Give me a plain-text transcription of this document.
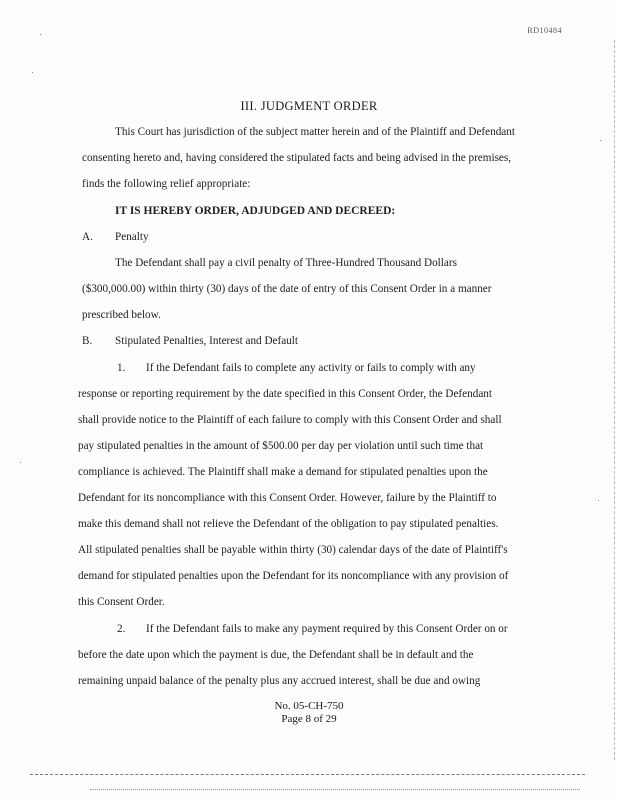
RD10484
III. JUDGMENT ORDER
This Court has jurisdiction of the subject matter herein and of the Plaintiff and Defendant
consenting hereto and, having considered the stipulated facts and being advised in the premises,
finds the following relief appropriate:
IT IS HEREBY ORDER, ADJUDGED AND DECREED:
A. Penalty
The Defendant shall pay a civil penalty of Three-Hundred Thousand Dollars
($300,000.00) within thirty (30) days of the date of entry of this Consent Order in a manner
prescribed below.
B. Stipulated Penalties, Interest and Default
1. If the Defendant fails to complete any activity or fails to comply with any
response or reporting requirement by the date specified in this Consent Order, the Defendant
shall provide notice to the Plaintiff of each failure to comply with this Consent Order and shall
pay stipulated penalties in the amount of $500.00 per day per violation until such time that
compliance is achieved. The Plaintiff shall make a demand for stipulated penalties upon the
Defendant for its noncompliance with this Consent Order. However, failure by the Plaintiff to
make this demand shall not relieve the Defendant of the obligation to pay stipulated penalties.
All stipulated penalties shall be payable within thirty (30) calendar days of the date of Plaintiff's
demand for stipulated penalties upon the Defendant for its noncompliance with any provision of
this Consent Order.
2. If the Defendant fails to make any payment required by this Consent Order on or
before the date upon which the payment is due, the Defendant shall be in default and the
remaining unpaid balance of the penalty plus any accrued interest, shall be due and owing
No. 05-CH-750
Page 8 of 29
